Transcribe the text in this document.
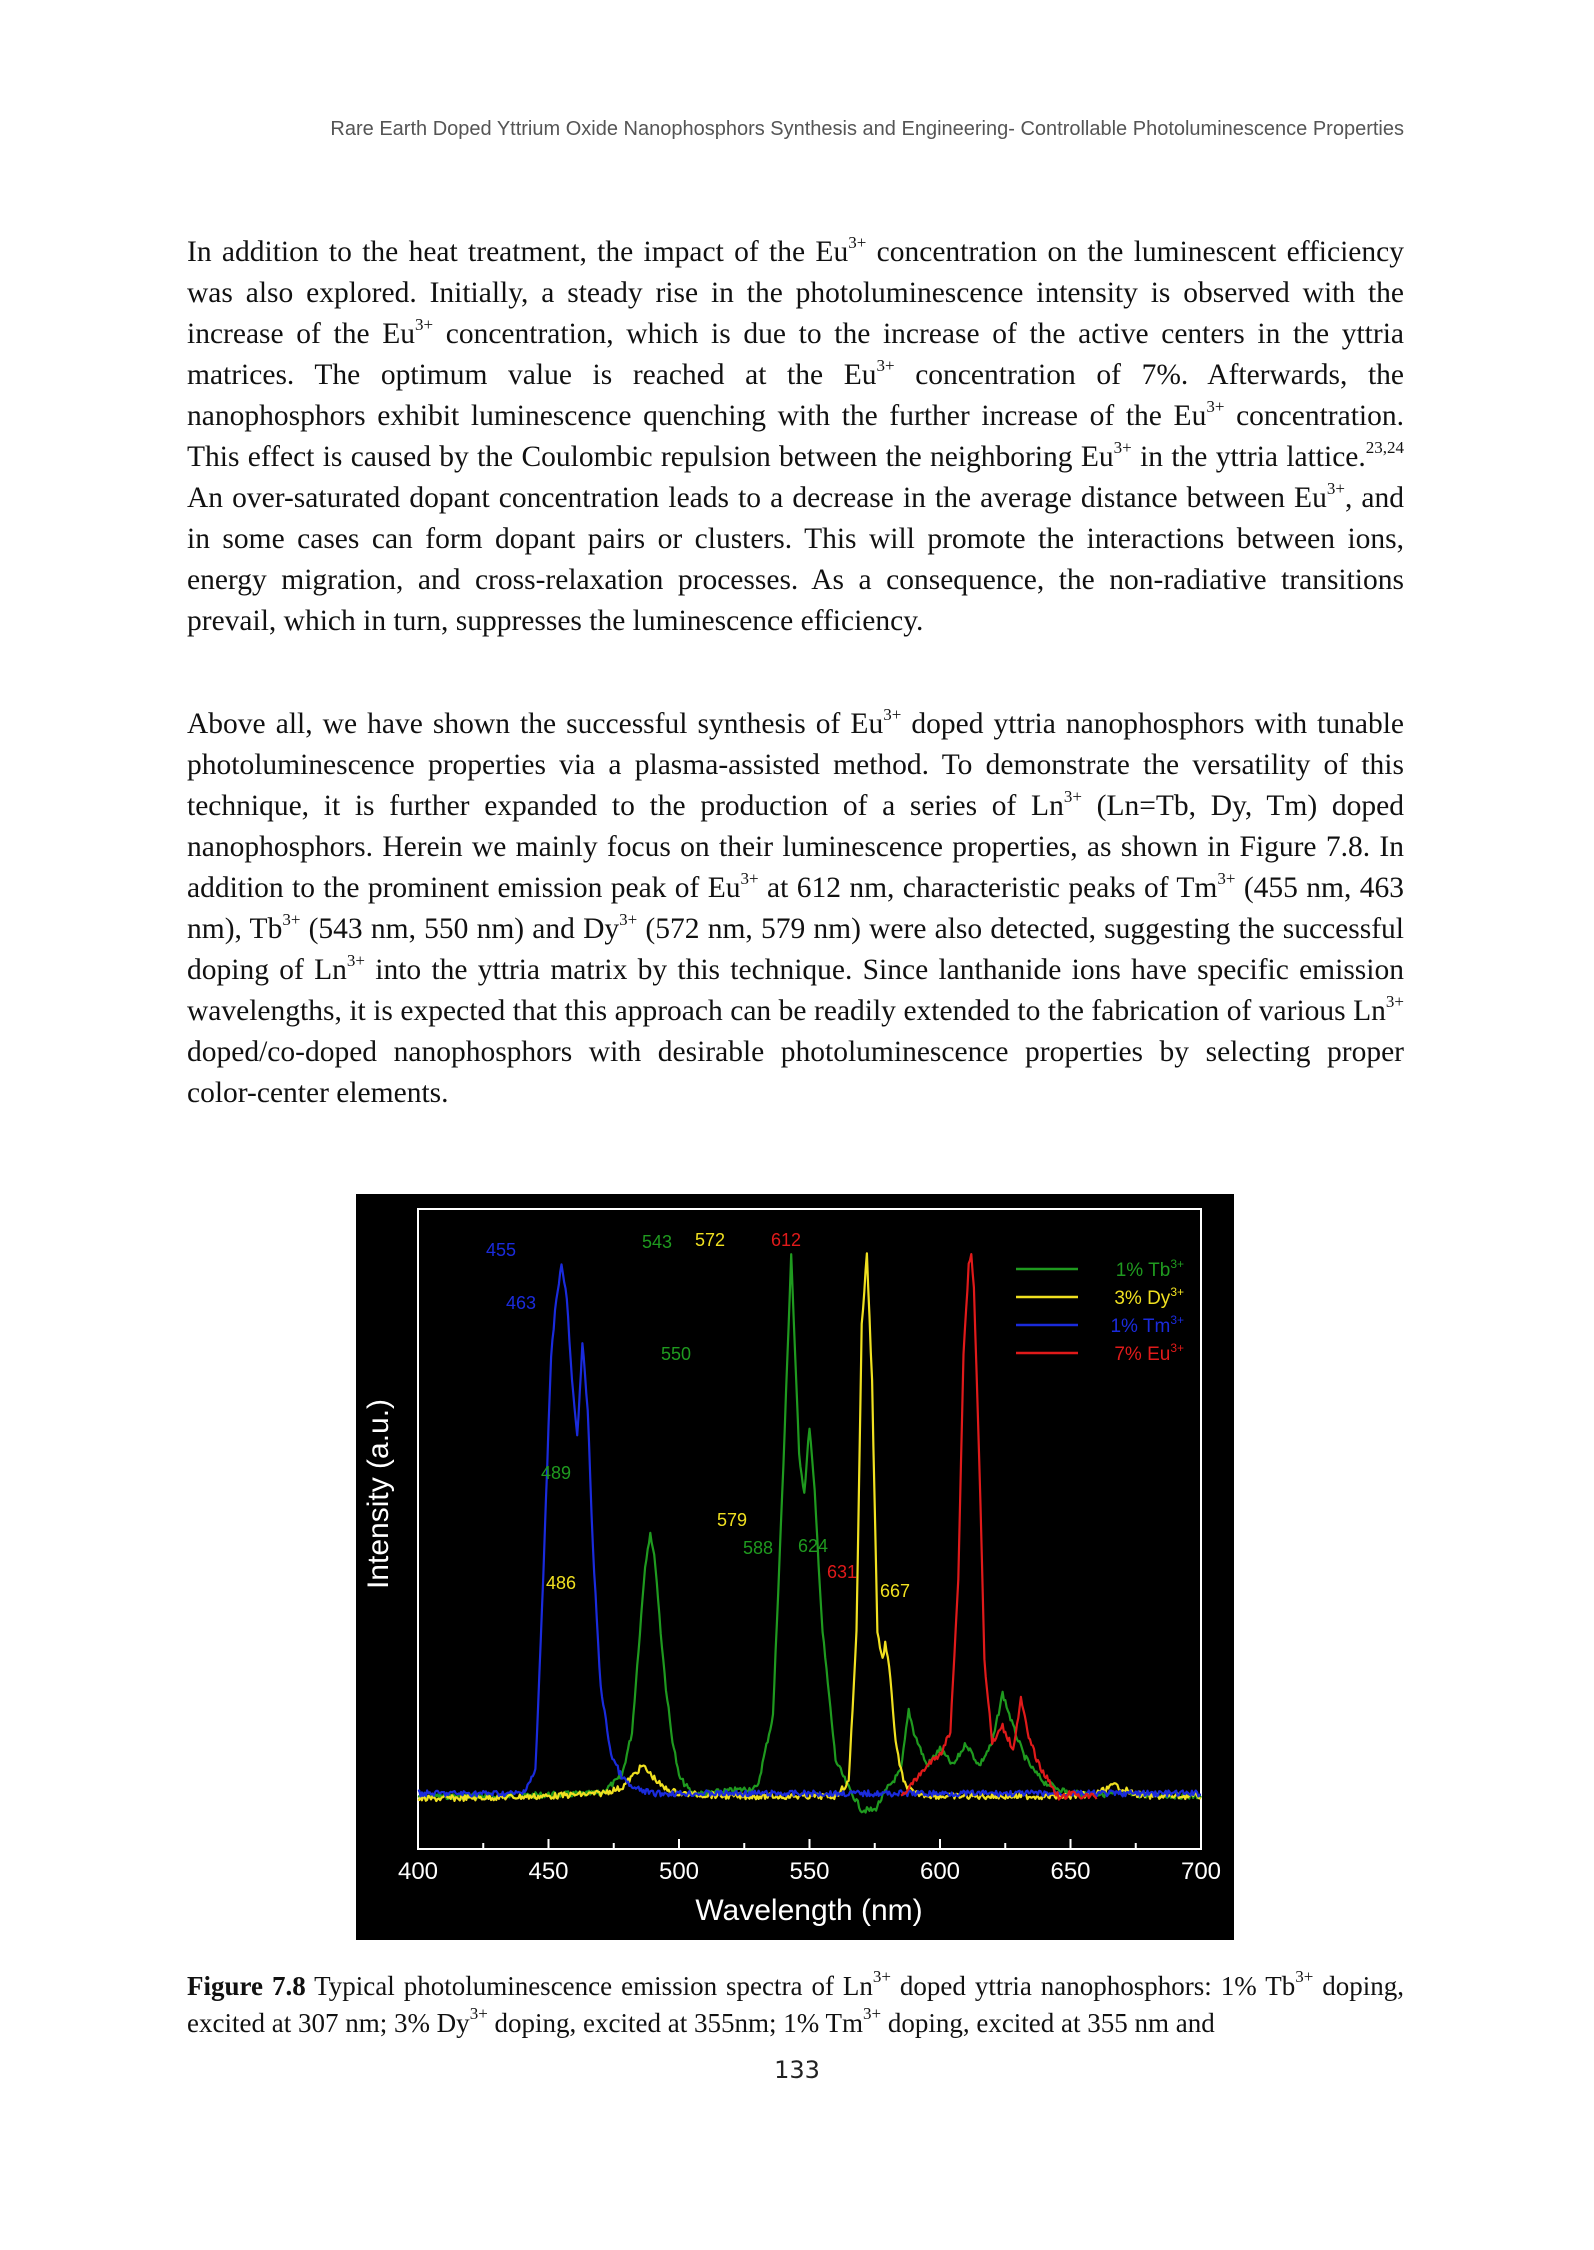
Rare Earth Doped Yttrium Oxide Nanophosphors Synthesis and Engineering- Controllable Photoluminescence Properties

In addition to the heat treatment, the impact of the $Eu^{3+}$ concentration on the luminescent efficiency was also explored. Initially, a steady rise in the photoluminescence intensity is observed with the increase of the $Eu^{3+}$ concentration, which is due to the increase of the active centers in the yttria matrices. The optimum value is reached at the $Eu^{3+}$ concentration of 7%. Afterwards, the nanophosphors exhibit luminescence quenching with the further increase of the $Eu^{3+}$ concentration. This effect is caused by the Coulombic repulsion between the neighboring $Eu^{3+}$ in the yttria lattice.$^{23,24}$ An over-saturated dopant concentration leads to a decrease in the average distance between $Eu^{3+}$, and in some cases can form dopant pairs or clusters. This will promote the interactions between ions, energy migration, and cross-relaxation processes. As a consequence, the non-radiative transitions prevail, which in turn, suppresses the luminescence efficiency.

Above all, we have shown the successful synthesis of $Eu^{3+}$ doped yttria nanophosphors with tunable photoluminescence properties via a plasma-assisted method. To demonstrate the versatility of this technique, it is further expanded to the production of a series of $Ln^{3+}$ (Ln=Tb, Dy, Tm) doped nanophosphors. Herein we mainly focus on their luminescence properties, as shown in Figure 7.8. In addition to the prominent emission peak of $Eu^{3+}$ at 612 nm, characteristic peaks of $Tm^{3+}$ (455 nm, 463 nm), $Tb^{3+}$ (543 nm, 550 nm) and $Dy^{3+}$ (572 nm, 579 nm) were also detected, suggesting the successful doping of $Ln^{3+}$ into the yttria matrix by this technique. Since lanthanide ions have specific emission wavelengths, it is expected that this approach can be readily extended to the fabrication of various $Ln^{3+}$ doped/co-doped nanophosphors with desirable photoluminescence properties by selecting proper color-center elements.

400	450	500	550	600	650	700
455
463
489
486
543
550
572
579
588
612
624
631
667
1% $Tb^{3+}$
3% $Dy^{3+}$
1% $Tm^{3+}$
7% $Eu^{3+}$
Intensity (a.u.)
Wavelength (nm)

Figure 7.8 Typical photoluminescence emission spectra of $Ln^{3+}$ doped yttria nanophosphors: 1% $Tb^{3+}$ doping, excited at 307 nm; 3% $Dy^{3+}$ doping, excited at 355nm; 1% $Tm^{3+}$ doping, excited at 355 nm and

133
